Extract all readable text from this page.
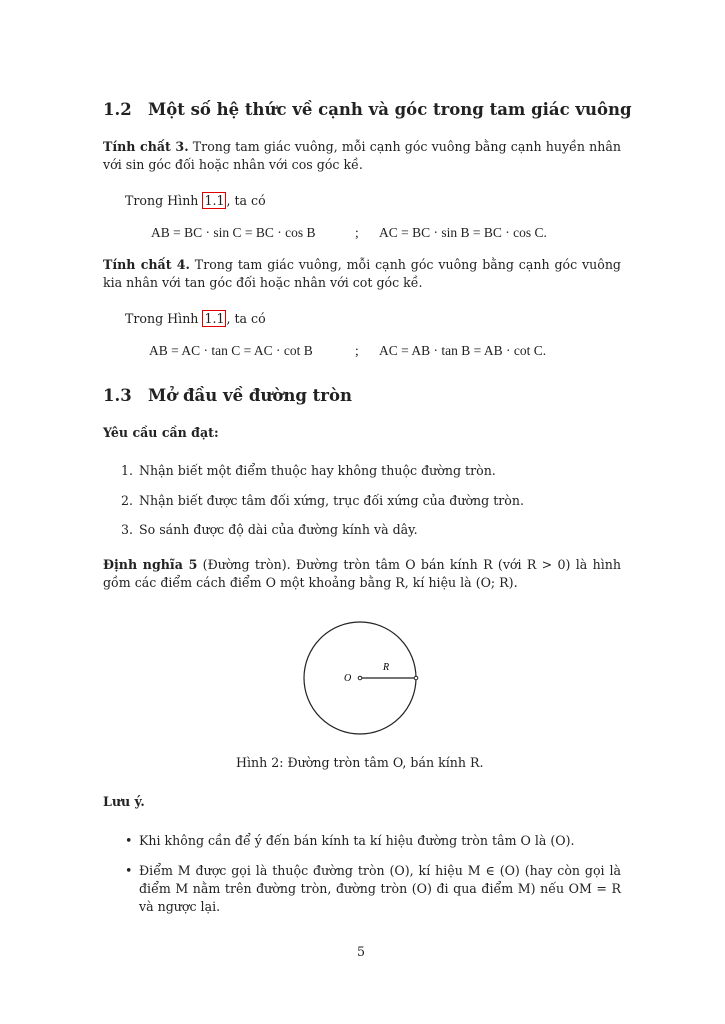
1.2 Một số hệ thức về cạnh và góc trong tam giác vuông
Tính chất 3. Trong tam giác vuông, mỗi cạnh góc vuông bằng cạnh huyền nhân với sin góc đối hoặc nhân với cos góc kề.
Trong Hình 1.1 , ta có
AB = BC · sin C = BC · cos B	; AC = BC · sin B = BC · cos C.
Tính chất 4. Trong tam giác vuông, mỗi cạnh góc vuông bằng cạnh góc vuông kia nhân với tan góc đối hoặc nhân với cot góc kề.
Trong Hình 1.1 , ta có
AB = AC · tan C = AC · cot B	; AC = AB · tan B = AB · cot C.
1.3 Mở đầu về đường tròn
Yêu cầu cần đạt:
1. Nhận biết một điểm thuộc hay không thuộc đường tròn.
2. Nhận biết được tâm đối xứng, trục đối xứng của đường tròn.
3. So sánh được độ dài của đường kính và dây.
Định nghĩa 5 (Đường tròn). Đường tròn tâm O bán kính R (với R > 0) là hình gồm các điểm cách điểm O một khoảng bằng R, kí hiệu là (O; R).
Hình 2: Đường tròn tâm O, bán kính R.
Lưu ý.
• Khi không cần để ý đến bán kính ta kí hiệu đường tròn tâm O là (O).
• Điểm M được gọi là thuộc đường tròn (O), kí hiệu M ∈ (O) (hay còn gọi là điểm M nằm trên đường tròn, đường tròn (O) đi qua điểm M) nếu OM = R và ngược lại.
O
R
5
